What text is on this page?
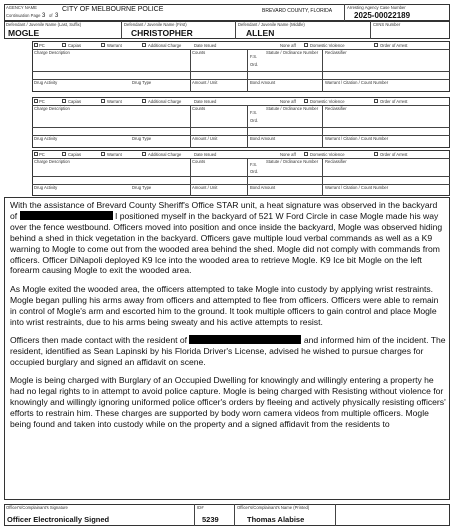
AGENCY NAME	CITY OF MELBOURNE POLICE
Continuation Page 3 of 3
BREVARD COUNTY, FLORIDA
Arresting Agency Case Number
2025-00022189
Defendant / Juvenile Name (Last, Suffix)
MOGLE
Defendant / Juvenile Name (First)
CHRISTOPHER
Defendant / Juvenile Name (Middle)
ALLEN
CIINS Number
PC	Capias	Warrant	Additional Charge	Date Issued	None aff	Domestic Violence	Order of Arrest
Charge Description	Counts
F.S.
Ord.
Statute / Ordinance Number Reclassifier
Drug Activity	Drug Type	Amount / Unit	Bond Amount	Warrant / Citation / Count Number
PC	Capias	Warrant	Additional Charge	Date Issued	None aff	Domestic Violence	Order of Arrest
Charge Description	Counts
F.S.
Ord.
Statute / Ordinance Number Reclassifier
Drug Activity	Drug Type	Amount / Unit	Bond Amount	Warrant / Citation / Count Number
PC	Capias	Warrant	Additional Charge	Date Issued	None aff	Domestic Violence	Order of Arrest
Charge Description	Counts
F.S.
Ord.
Statute / Ordinance Number Reclassifier
Drug Activity	Drug Type	Amount / Unit	Bond Amount	Warrant / Citation / Count Number

With the assistance of Brevard County Sheriff's Office STAR unit, a heat signature was observed in the backyard of	I positioned myself in the backyard of 521 W Ford Circle in case Mogle made his way over the fence westbound. Officers moved into position and once inside the backyard, Mogle was observed hiding behind a shed in thick vegetation in the backyard. Officers gave multiple loud verbal commands as well as a K9 warning to Mogle to come out from the wooded area behind the shed. Mogle did not comply with commands from officers. Officer DiNapoli deployed K9 Ice into the wooded area to retrieve Mogle. K9 Ice bit Mogle on the left forearm causing Mogle to exit the wooded area.

As Mogle exited the wooded area, the officers attempted to take Mogle into custody by applying wrist restraints. Mogle began pulling his arms away from officers and attempted to flee from officers. Officers were able to remain in control of Mogle's arm and escorted him to the ground. It took multiple officers to gain control and place Mogle into wrist restraints, due to his arms being sweaty and his active attempts to resist.

Officers then made contact with the resident of	and informed him of the incident. The resident, identified as Sean Lapinski by his Florida Driver's License, advised he wished to pursue charges for occupied burglary and signed an affidavit on scene.

Mogle is being charged with Burglary of an Occupied Dwelling for knowingly and willingly entering a property he had no legal rights to in attempt to avoid police capture. Mogle is being charged with Resisting without violence for knowingly and willingly ignoring uniformed police officer's orders by fleeing and actively physically resisting officers' efforts to restrain him. These charges are supported by body worn camera videos from multiple officers. Mogle being found and taken into custody while on the property and a signed affidavit from the residents to

Officer's/Complainant's Signature
Officer Electronically Signed
ID#
5239
Officer's/Complainant's Name (Printed)
Thomas Alabise
